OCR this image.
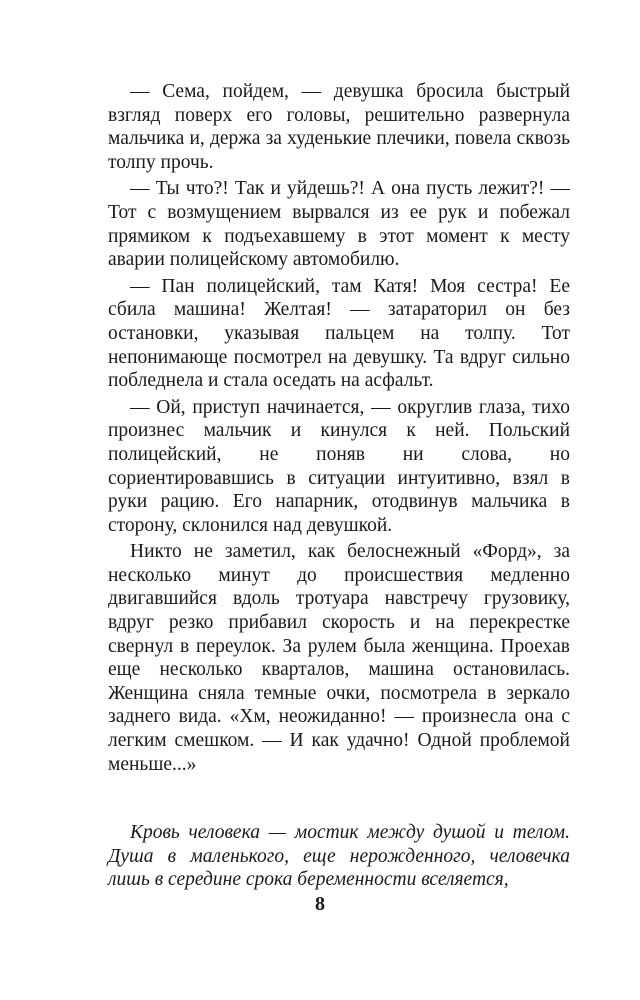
— Сема, пойдем, — девушка бросила быстрый взгляд поверх его головы, решительно развернула мальчика и, держа за худенькие плечики, повела сквозь толпу прочь.

— Ты что?! Так и уйдешь?! А она пусть лежит?! — Тот с возмущением вырвался из ее рук и побежал прямиком к подъехавшему в этот момент к месту аварии полицейскому автомобилю.

— Пан полицейский, там Катя! Моя сестра! Ее сбила машина! Желтая! — затараторил он без остановки, указывая пальцем на толпу. Тот непонимающе посмотрел на девушку. Та вдруг сильно побледнела и стала оседать на асфальт.

— Ой, приступ начинается, — округлив глаза, тихо произнес мальчик и кинулся к ней. Польский полицейский, не поняв ни слова, но сориентировавшись в ситуации интуитивно, взял в руки рацию. Его напарник, отодвинув мальчика в сторону, склонился над девушкой.

Никто не заметил, как белоснежный «Форд», за несколько минут до происшествия медленно двигавшийся вдоль тротуара навстречу грузовику, вдруг резко прибавил скорость и на перекрестке свернул в переулок. За рулем была женщина. Проехав еще несколько кварталов, машина остановилась. Женщина сняла темные очки, посмотрела в зеркало заднего вида. «Хм, неожиданно! — произнесла она с легким смешком. — И как удачно! Одной проблемой меньше...»

Кровь человека — мостик между душой и телом. Душа в маленького, еще нерожденного, человечка лишь в середине срока беременности вселяется,

8
